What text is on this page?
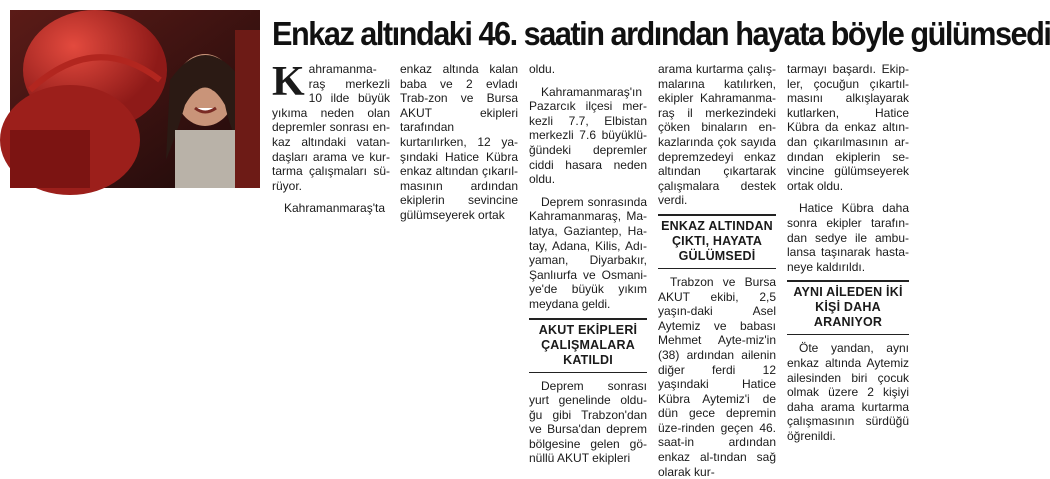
Enkaz altındaki 46. saatin ardından hayata böyle gülümsedi

Kahramanma-raş merkezli 10 ilde büyük yıkıma neden olan depremler sonrası en-kaz altındaki vatan-daşları arama ve kur-tarma çalışmaları sü-rüyor.

Kahramanmaraş'ta

enkaz altında kalan baba ve 2 evladı Trab-zon ve Bursa AKUT ekipleri tarafından kurtarılırken, 12 ya-şındaki Hatice Kübra enkaz altından çıkarıl-masının ardından ekiplerin sevincine gülümseyerek ortak

oldu.

Kahramanmaraş'ın Pazarcık ilçesi mer-kezli 7.7, Elbistan merkezli 7.6 büyüklü-ğündeki depremler ciddi hasara neden oldu.

Deprem sonrasında Kahramanmaraş, Ma-latya, Gaziantep, Ha-tay, Adana, Kilis, Adı-yaman, Diyarbakır, Şanlıurfa ve Osmani-ye'de büyük yıkım meydana geldi.

AKUT EKİPLERİ ÇALIŞMALARA KATILDI

Deprem sonrası yurt genelinde oldu-ğu gibi Trabzon'dan ve Bursa'dan deprem bölgesine gelen gö-nüllü AKUT ekipleri

arama kurtarma çalış-malarına katılırken, ekipler Kahramanma-raş il merkezindeki çöken binaların en-kazlarında çok sayıda depremzedeyi enkaz altından çıkartarak çalışmalara destek verdi.

ENKAZ ALTINDAN ÇIKTI, HAYATA GÜLÜMSEDİ

Trabzon ve Bursa AKUT ekibi, 2,5 yaşın-daki Asel Aytemiz ve babası Mehmet Ayte-miz'in (38) ardından ailenin diğer ferdi 12 yaşındaki Hatice Kübra Aytemiz'i de dün gece depremin üze-rinden geçen 46. saat-in ardından enkaz al-tından sağ olarak kur-

tarmayı başardı. Ekip-ler, çocuğun çıkartıl-masını alkışlayarak kutlarken, Hatice Kübra da enkaz altın-dan çıkarılmasının ar-dından ekiplerin se-vincine gülümseyerek ortak oldu.

Hatice Kübra daha sonra ekipler tarafın-dan sedye ile ambu-lansa taşınarak hasta-neye kaldırıldı.

AYNI AİLEDEN İKİ KİŞİ DAHA ARANIYOR

Öte yandan, aynı enkaz altında Aytemiz ailesinden biri çocuk olmak üzere 2 kişiyi daha arama kurtarma çalışmasının sürdüğü öğrenildi.
